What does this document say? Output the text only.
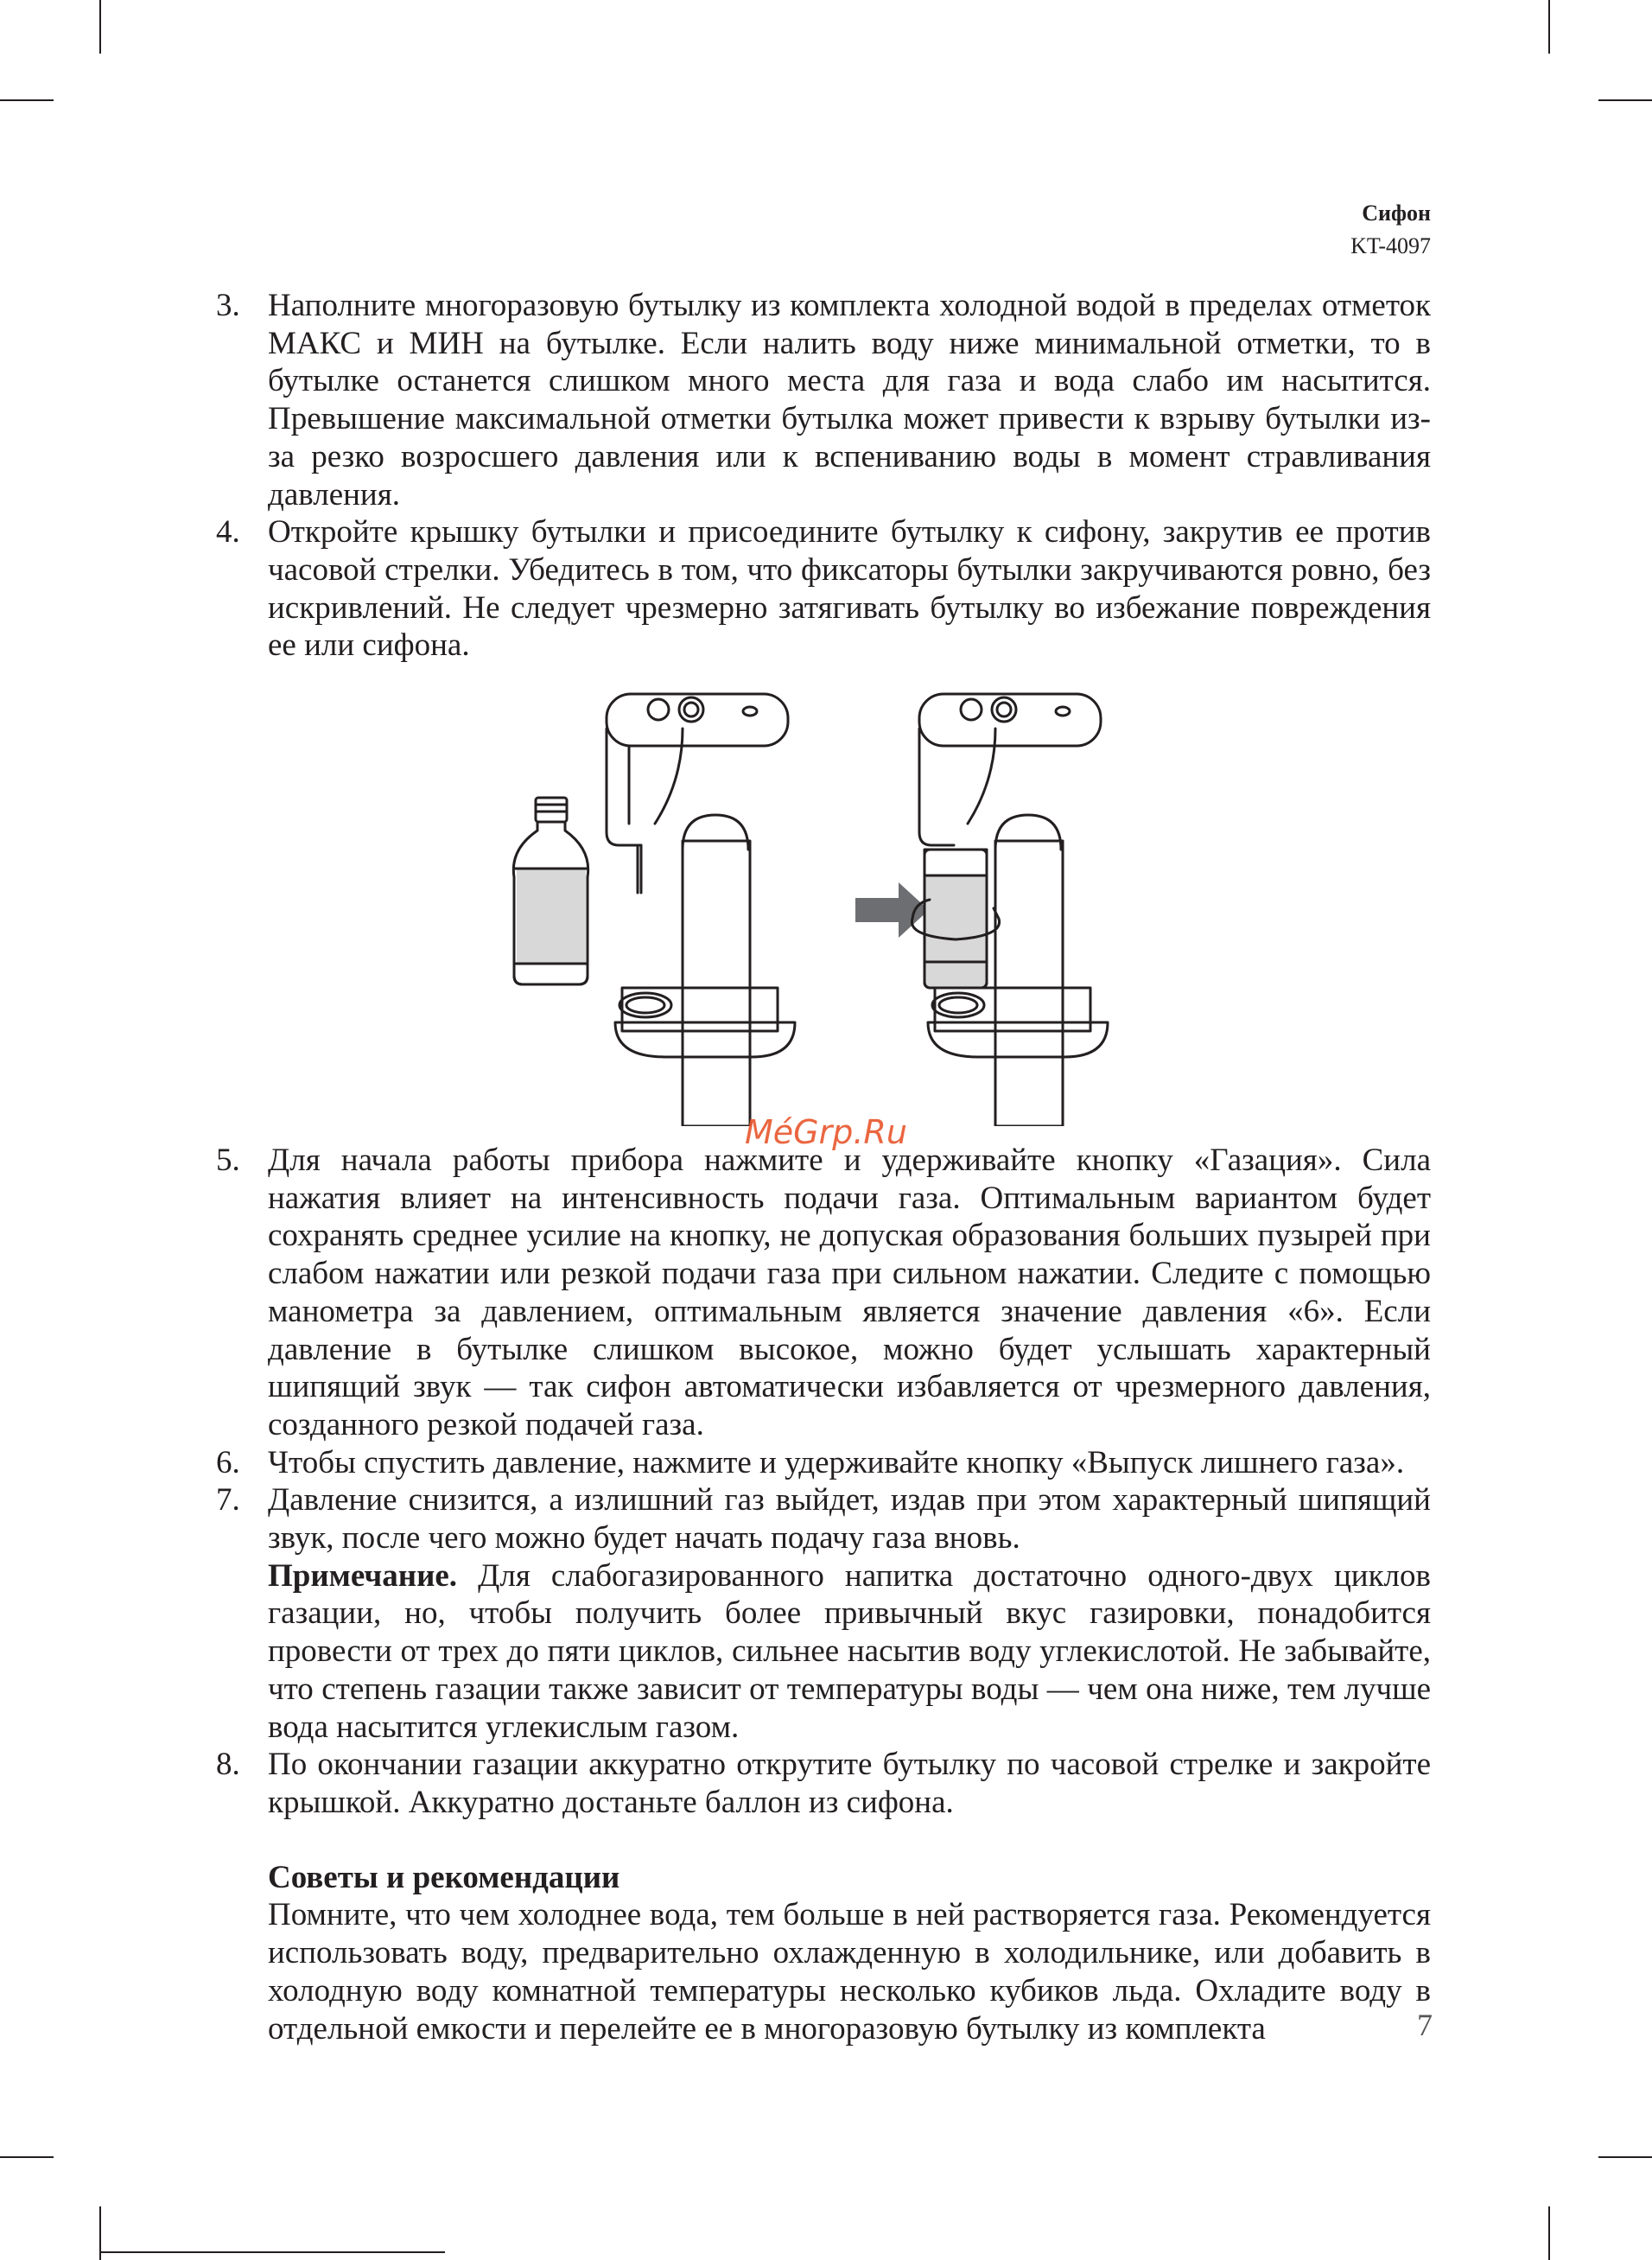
Сифон
KT-4097
3. Наполните многоразовую бутылку из комплекта холодной водой в пределах отметок МАКС и МИН на бутылке. Если налить воду ниже минимальной отметки, то в бутылке останется слишком много места для газа и вода слабо им насытится. Превышение максимальной отметки бутылка может привести к взрыву бутылки из-за резко возросшего давления или к вспениванию воды в момент стравливания давления.

4. Откройте крышку бутылки и присоедините бутылку к сифону, закрутив ее против часовой стрелки. Убедитесь в том, что фиксаторы бутылки закручиваются ровно, без искривлений. Не следует чрезмерно затягивать бутылку во избежание повреждения ее или сифона.

5. Для начала работы прибора нажмите и удерживайте кнопку «Газация». Сила нажатия влияет на интенсивность подачи газа. Оптимальным вариантом будет сохранять среднее усилие на кнопку, не допуская образования больших пузырей при слабом нажатии или резкой подачи газа при сильном нажатии. Следите с помощью манометра за давлением, оптимальным является значение давления «6». Если давление в бутылке слишком высокое, можно будет услышать характерный шипящий звук — так сифон автоматически избавляется от чрезмерного давления, созданного резкой подачей газа.

6. Чтобы спустить давление, нажмите и удерживайте кнопку «Выпуск лишнего газа».

7. Давление снизится, а излишний газ выйдет, издав при этом характерный шипящий звук, после чего можно будет начать подачу газа вновь.

Примечание. Для слабогазированного напитка достаточно одного-двух циклов газации, но, чтобы получить более привычный вкус газировки, понадобится провести от трех до пяти циклов, сильнее насытив воду углекислотой. Не забывайте, что степень газации также зависит от температуры воды — чем она ниже, тем лучше вода насытится углекислым газом.

8. По окончании газации аккуратно открутите бутылку по часовой стрелке и закройте крышкой. Аккуратно достаньте баллон из сифона.

Советы и рекомендации

Помните, что чем холоднее вода, тем больше в ней растворяется газа. Рекомендуется использовать воду, предварительно охлажденную в холодильнике, или добавить в холодную воду комнатной температуры несколько кубиков льда. Охладите воду в отдельной емкости и перелейте ее в многоразовую бутылку из комплекта

MéGrp.Ru
7
